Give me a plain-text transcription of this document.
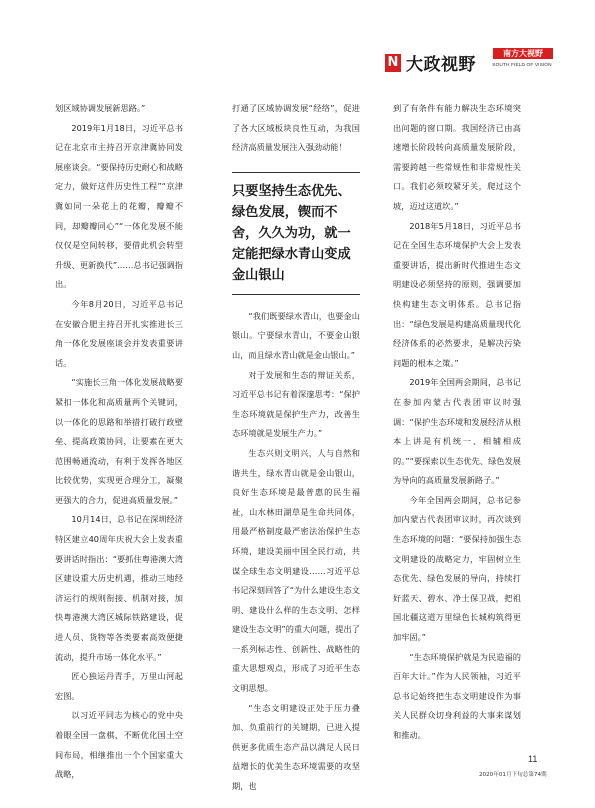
N 大政视野
南方大视野
SOUTH FIELD OF VISION

划区域协调发展新思路。”

2019年1月18日，习近平总书记在北京市主持召开京津冀协同发展座谈会。“要保持历史耐心和战略定力，做好这件历史性工程”“京津冀如同一朵花上的花瓣，瓣瓣不同，却瓣瓣同心”“一体化发展不能仅仅是空间转移，要借此机会转型升级、更新换代”……总书记强调指出。

今年8月20日，习近平总书记在安徽合肥主持召开扎实推进长三角一体化发展座谈会并发表重要讲话。

“实施长三角一体化发展战略要紧扣一体化和高质量两个关键词，以一体化的思路和举措打破行政壁垒、提高政策协同，让要素在更大范围畅通流动，有利于发挥各地区比较优势，实现更合理分工，凝聚更强大的合力，促进高质量发展。”

10月14日，总书记在深圳经济特区建立40周年庆祝大会上发表重要讲话时指出：“要抓住粤港澳大湾区建设重大历史机遇，推动三地经济运行的规则衔接、机制对接，加快粤港澳大湾区城际铁路建设，促进人员、货物等各类要素高效便捷流动，提升市场一体化水平。”

匠心独运丹青手，万里山河起宏图。

以习近平同志为核心的党中央着眼全国一盘棋，不断优化国土空间布局，相继推出一个个国家重大战略，

打通了区域协调发展“经络”，促进了各大区域板块良性互动，为我国经济高质量发展注入强劲动能！

只要坚持生态优先、绿色发展，锲而不舍，久久为功，就一定能把绿水青山变成金山银山

“我们既要绿水青山，也要金山银山。宁要绿水青山，不要金山银山，而且绿水青山就是金山银山。”

对于发展和生态的辩证关系，习近平总书记有着深邃思考：“保护生态环境就是保护生产力，改善生态环境就是发展生产力。”

生态兴则文明兴，人与自然和谐共生，绿水青山就是金山银山，良好生态环境是最普惠的民生福祉，山水林田湖草是生命共同体，用最严格制度最严密法治保护生态环境，建设美丽中国全民行动，共谋全球生态文明建设……习近平总书记深刻回答了“为什么建设生态文明、建设什么样的生态文明、怎样建设生态文明”的重大问题，提出了一系列标志性、创新性、战略性的重大思想观点，形成了习近平生态文明思想。

“生态文明建设正处于压力叠加、负重前行的关键期，已进入提供更多优质生态产品以满足人民日益增长的优美生态环境需要的攻坚期，也

到了有条件有能力解决生态环境突出问题的窗口期。我国经济已由高速增长阶段转向高质量发展阶段，需要跨越一些常规性和非常规性关口。我们必须咬紧牙关，爬过这个坡，迈过这道坎。”

2018年5月18日，习近平总书记在全国生态环境保护大会上发表重要讲话，提出新时代推进生态文明建设必须坚持的原则，强调要加快构建生态文明体系。总书记指出：“绿色发展是构建高质量现代化经济体系的必然要求，是解决污染问题的根本之策。”

2019年全国两会期间，总书记在参加内蒙古代表团审议时强调：“保护生态环境和发展经济从根本上讲是有机统一、相辅相成的。”“要探索以生态优先、绿色发展为导向的高质量发展新路子。”

今年全国两会期间，总书记参加内蒙古代表团审议时，再次谈到生态环境的问题：“要保持加强生态文明建设的战略定力，牢固树立生态优先、绿色发展的导向，持续打好蓝天、碧水、净土保卫战，把祖国北疆这道万里绿色长城构筑得更加牢固。”

“生态环境保护就是为民造福的百年大计。”作为人民领袖，习近平总书记始终把生态文明建设作为事关人民群众切身利益的大事来谋划和推动。

11
2020年01月下旬总第74期
